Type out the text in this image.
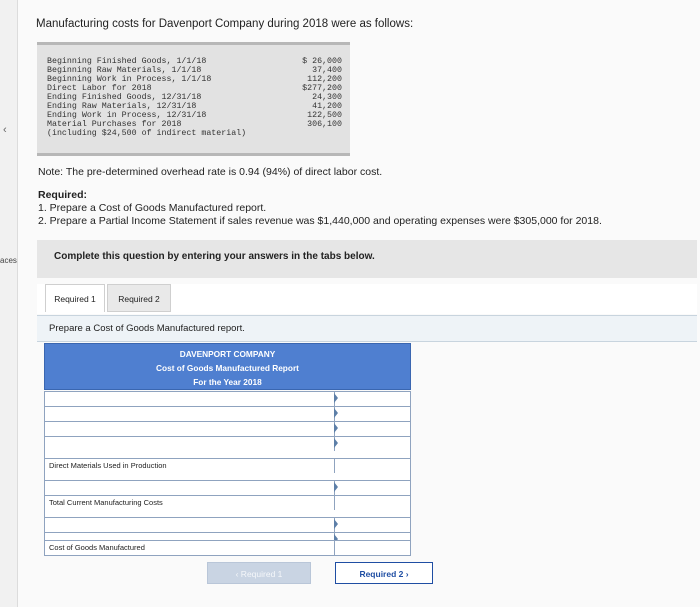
‹
aces
Manufacturing costs for Davenport Company during 2018 were as follows:
Beginning Finished Goods, 1/1/18	$ 26,000
Beginning Raw Materials, 1/1/18	37,400
Beginning Work in Process, 1/1/18	112,200
Direct Labor for 2018	$277,200
Ending Finished Goods, 12/31/18	24,300
Ending Raw Materials, 12/31/18	41,200
Ending Work in Process, 12/31/18	122,500
Material Purchases for 2018	306,100
(including $24,500 of indirect material)
Note: The pre-determined overhead rate is 0.94 (94%) of direct labor cost.
Required:
1. Prepare a Cost of Goods Manufactured report.
2. Prepare a Partial Income Statement if sales revenue was $1,440,000 and operating expenses were $305,000 for 2018.
Complete this question by entering your answers in the tabs below.
Required 1	Required 2
Prepare a Cost of Goods Manufactured report.
DAVENPORT COMPANY
Cost of Goods Manufactured Report
For the Year 2018
Direct Materials Used in Production
Total Current Manufacturing Costs
Cost of Goods Manufactured
‹ Required 1	Required 2 ›
